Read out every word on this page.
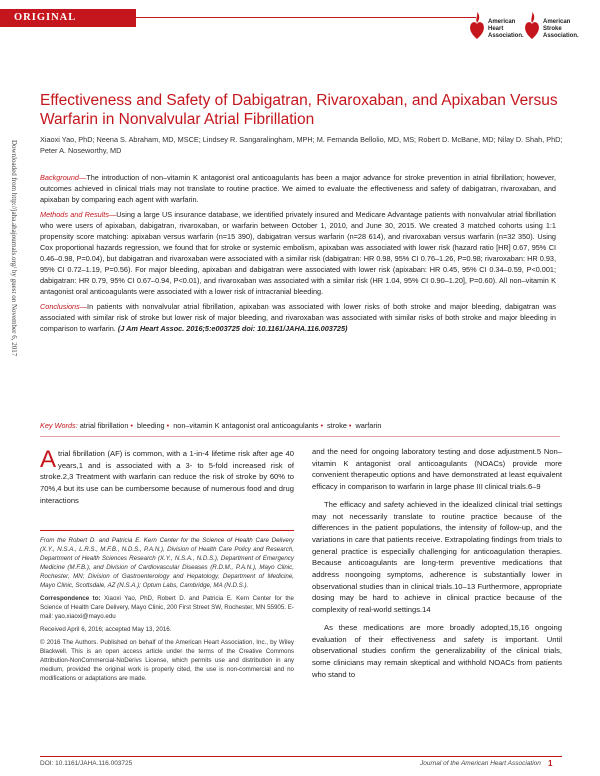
ORIGINAL RESEARCH
American
Heart
Association.
American
Stroke
Association.
Downloaded from http://jaha.ahajournals.org/ by guest on November 6, 2017
Effectiveness and Safety of Dabigatran, Rivaroxaban, and Apixaban Versus Warfarin in Nonvalvular Atrial Fibrillation
Xiaoxi Yao, PhD; Neena S. Abraham, MD, MSCE; Lindsey R. Sangaralingham, MPH; M. Fernanda Bellolio, MD, MS; Robert D. McBane, MD; Nilay D. Shah, PhD; Peter A. Noseworthy, MD

Background—The introduction of non–vitamin K antagonist oral anticoagulants has been a major advance for stroke prevention in atrial fibrillation; however, outcomes achieved in clinical trials may not translate to routine practice. We aimed to evaluate the effectiveness and safety of dabigatran, rivaroxaban, and apixaban by comparing each agent with warfarin.

Methods and Results—Using a large US insurance database, we identified privately insured and Medicare Advantage patients with nonvalvular atrial fibrillation who were users of apixaban, dabigatran, rivaroxaban, or warfarin between October 1, 2010, and June 30, 2015. We created 3 matched cohorts using 1:1 propensity score matching: apixaban versus warfarin (n=15 390), dabigatran versus warfarin (n=28 614), and rivaroxaban versus warfarin (n=32 350). Using Cox proportional hazards regression, we found that for stroke or systemic embolism, apixaban was associated with lower risk (hazard ratio [HR] 0.67, 95% CI 0.46–0.98, P=0.04), but dabigatran and rivaroxaban were associated with a similar risk (dabigatran: HR 0.98, 95% CI 0.76–1.26, P=0.98; rivaroxaban: HR 0.93, 95% CI 0.72–1.19, P=0.56). For major bleeding, apixaban and dabigatran were associated with lower risk (apixaban: HR 0.45, 95% CI 0.34–0.59, P<0.001; dabigatran: HR 0.79, 95% CI 0.67–0.94, P<0.01), and rivaroxaban was associated with a similar risk (HR 1.04, 95% CI 0.90–1.20], P=0.60). All non–vitamin K antagonist oral anticoagulants were associated with a lower risk of intracranial bleeding.

Conclusions—In patients with nonvalvular atrial fibrillation, apixaban was associated with lower risks of both stroke and major bleeding, dabigatran was associated with similar risk of stroke but lower risk of major bleeding, and rivaroxaban was associated with similar risks of both stroke and major bleeding in comparison to warfarin. (J Am Heart Assoc. 2016;5:e003725 doi: 10.1161/JAHA.116.003725)

Key Words: atrial fibrillation • bleeding • non–vitamin K antagonist oral anticoagulants • stroke • warfarin

Atrial fibrillation (AF) is common, with a 1-in-4 lifetime risk after age 40 years,1 and is associated with a 3- to 5-fold increased risk of stroke.2,3 Treatment with warfarin can reduce the risk of stroke by 60% to 70%,4 but its use can be cumbersome because of numerous food and drug interactions

From the Robert D. and Patricia E. Kern Center for the Science of Health Care Delivery (X.Y., N.S.A., L.R.S., M.F.B., N.D.S., P.A.N.), Division of Health Care Policy and Research, Department of Health Sciences Research (X.Y., N.S.A., N.D.S.), Department of Emergency Medicine (M.F.B.), and Division of Cardiovascular Diseases (R.D.M., P.A.N.), Mayo Clinic, Rochester, MN; Division of Gastroenterology and Hepatology, Department of Medicine, Mayo Clinic, Scottsdale, AZ (N.S.A.); Optum Labs, Cambridge, MA (N.D.S.).

Correspondence to: Xiaoxi Yao, PhD, Robert D. and Patricia E. Kern Center for the Science of Health Care Delivery, Mayo Clinic, 200 First Street SW, Rochester, MN 55905. E-mail: yao.xiaoxi@mayo.edu

Received April 6, 2016; accepted May 13, 2016.

© 2016 The Authors. Published on behalf of the American Heart Association, Inc., by Wiley Blackwell. This is an open access article under the terms of the Creative Commons Attribution-NonCommercial-NoDerivs License, which permits use and distribution in any medium, provided the original work is properly cited, the use is non-commercial and no modifications or adaptations are made.

and the need for ongoing laboratory testing and dose adjustment.5 Non–vitamin K antagonist oral anticoagulants (NOACs) provide more convenient therapeutic options and have demonstrated at least equivalent efficacy in comparison to warfarin in large phase III clinical trials.6–9

The efficacy and safety achieved in the idealized clinical trial settings may not necessarily translate to routine practice because of the differences in the patient populations, the intensity of follow-up, and the variations in care that patients receive. Extrapolating findings from trials to general practice is especially challenging for anticoagulation therapies. Because anticoagulants are long-term preventive medications that address noongoing symptoms, adherence is substantially lower in observational studies than in clinical trials.10–13 Furthermore, appropriate dosing may be hard to achieve in clinical practice because of the complexity of real-world settings.14

As these medications are more broadly adopted,15,16 ongoing evaluation of their effectiveness and safety is important. Until observational studies confirm the generalizability of the clinical trials, some clinicians may remain skeptical and withhold NOACs from patients who stand to

DOI: 10.1161/JAHA.116.003725	Journal of the American Heart Association 1
